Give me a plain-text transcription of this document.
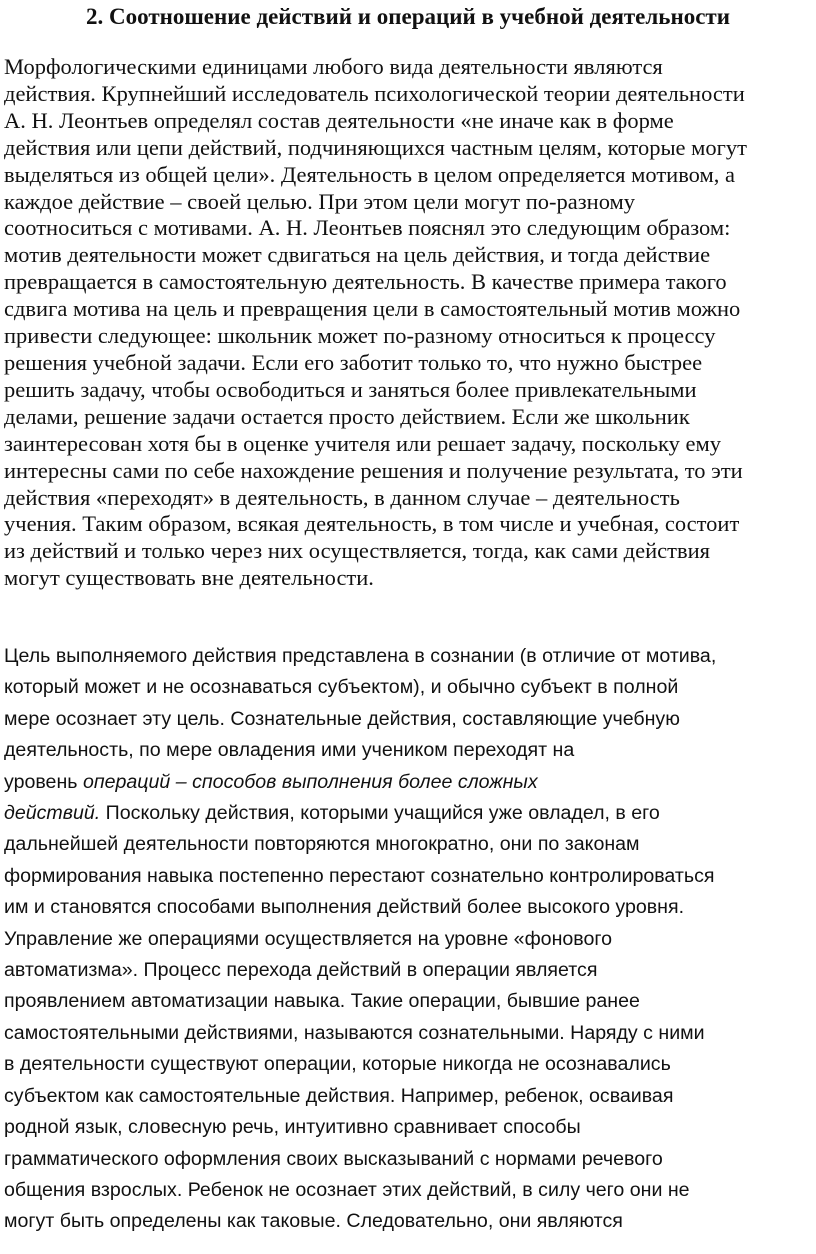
2. Соотношение действий и операций в учебной деятельности

Морфологическими единицами любого вида деятельности являются
действия. Крупнейший исследователь психологической теории деятельности
А. Н. Леонтьев определял состав деятельности «не иначе как в форме
действия или цепи действий, подчиняющихся частным целям, которые могут
выделяться из общей цели». Деятельность в целом определяется мотивом, а
каждое действие – своей целью. При этом цели могут по-разному
соотноситься с мотивами. А. Н. Леонтьев пояснял это следующим образом:
мотив деятельности может сдвигаться на цель действия, и тогда действие
превращается в самостоятельную деятельность. В качестве примера такого
сдвига мотива на цель и превращения цели в самостоятельный мотив можно
привести следующее: школьник может по-разному относиться к процессу
решения учебной задачи. Если его заботит только то, что нужно быстрее
решить задачу, чтобы освободиться и заняться более привлекательными
делами, решение задачи остается просто действием. Если же школьник
заинтересован хотя бы в оценке учителя или решает задачу, поскольку ему
интересны сами по себе нахождение решения и получение результата, то эти
действия «переходят» в деятельность, в данном случае – деятельность
учения. Таким образом, всякая деятельность, в том числе и учебная, состоит
из действий и только через них осуществляется, тогда, как сами действия
могут существовать вне деятельности.

Цель выполняемого действия представлена в сознании (в отличие от мотива,
который может и не осознаваться субъектом), и обычно субъект в полной
мере осознает эту цель. Сознательные действия, составляющие учебную
деятельность, по мере овладения ими учеником переходят на
уровень операций – способов выполнения более сложных
действий. Поскольку действия, которыми учащийся уже овладел, в его
дальнейшей деятельности повторяются многократно, они по законам
формирования навыка постепенно перестают сознательно контролироваться
им и становятся способами выполнения действий более высокого уровня.
Управление же операциями осуществляется на уровне «фонового
автоматизма». Процесс перехода действий в операции является
проявлением автоматизации навыка. Такие операции, бывшие ранее
самостоятельными действиями, называются сознательными. Наряду с ними
в деятельности существуют операции, которые никогда не осознавались
субъектом как самостоятельные действия. Например, ребенок, осваивая
родной язык, словесную речь, интуитивно сравнивает способы
грамматического оформления своих высказываний с нормами речевого
общения взрослых. Ребенок не осознает этих действий, в силу чего они не
могут быть определены как таковые. Следовательно, они являются
